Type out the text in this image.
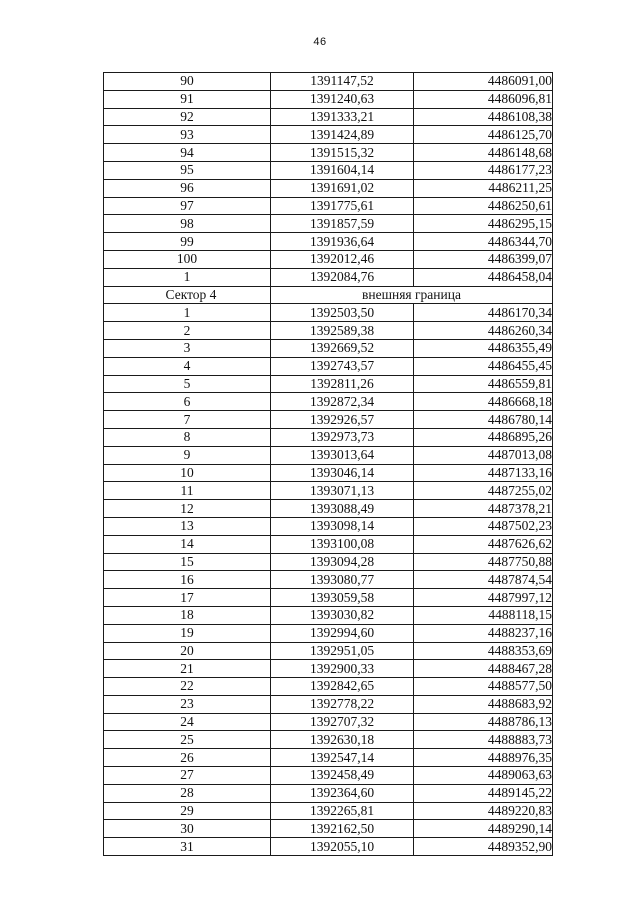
46
90	1391147,52	4486091,00
91	1391240,63	4486096,81
92	1391333,21	4486108,38
93	1391424,89	4486125,70
94	1391515,32	4486148,68
95	1391604,14	4486177,23
96	1391691,02	4486211,25
97	1391775,61	4486250,61
98	1391857,59	4486295,15
99	1391936,64	4486344,70
100	1392012,46	4486399,07
1	1392084,76	4486458,04
Сектор 4	внешняя граница	
1	1392503,50	4486170,34
2	1392589,38	4486260,34
3	1392669,52	4486355,49
4	1392743,57	4486455,45
5	1392811,26	4486559,81
6	1392872,34	4486668,18
7	1392926,57	4486780,14
8	1392973,73	4486895,26
9	1393013,64	4487013,08
10	1393046,14	4487133,16
11	1393071,13	4487255,02
12	1393088,49	4487378,21
13	1393098,14	4487502,23
14	1393100,08	4487626,62
15	1393094,28	4487750,88
16	1393080,77	4487874,54
17	1393059,58	4487997,12
18	1393030,82	4488118,15
19	1392994,60	4488237,16
20	1392951,05	4488353,69
21	1392900,33	4488467,28
22	1392842,65	4488577,50
23	1392778,22	4488683,92
24	1392707,32	4488786,13
25	1392630,18	4488883,73
26	1392547,14	4488976,35
27	1392458,49	4489063,63
28	1392364,60	4489145,22
29	1392265,81	4489220,83
30	1392162,50	4489290,14
31	1392055,10	4489352,90
